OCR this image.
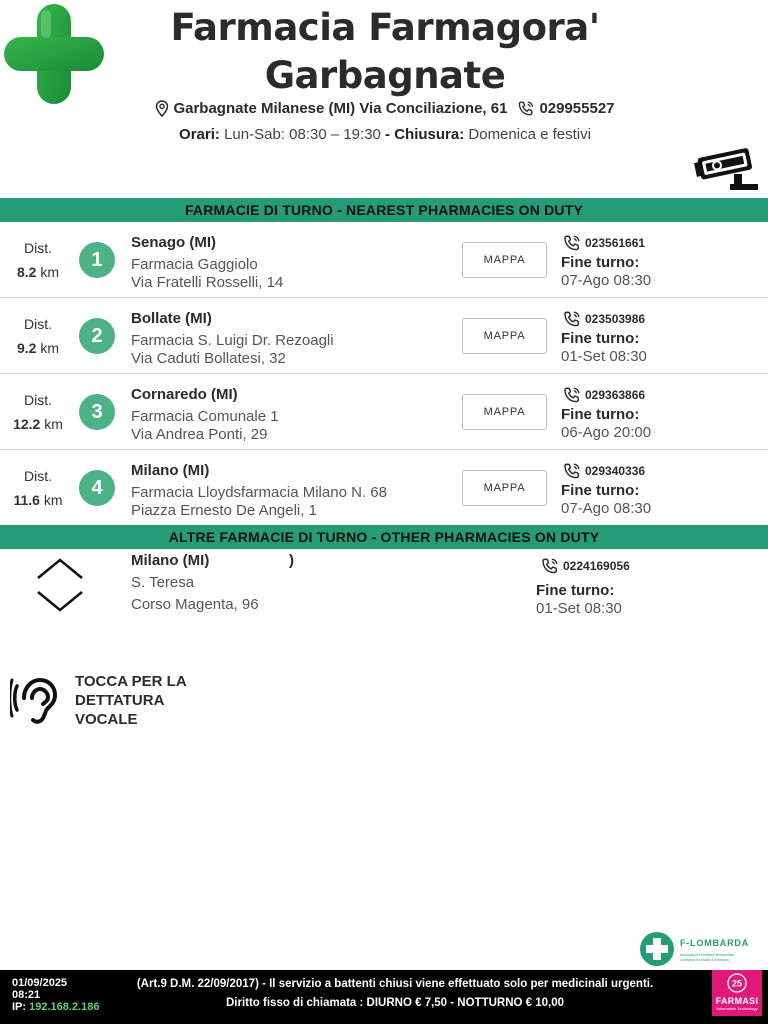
Farmacia Farmagora'
Garbagnate
Garbagnate Milanese (MI) Via Conciliazione, 61 029955527
Orari: Lun-Sab: 08:30 – 19:30 - Chiusura: Domenica e festivi
FARMACIE DI TURNO - NEAREST PHARMACIES ON DUTY
Dist.
8.2 km
1
Senago (MI)
Farmacia Gaggiolo
Via Fratelli Rosselli, 14
MAPPA
023561661
Fine turno:
07-Ago 08:30
Dist.
9.2 km
2
Bollate (MI)
Farmacia S. Luigi Dr. Rezoagli
Via Caduti Bollatesi, 32
MAPPA
023503986
Fine turno:
01-Set 08:30
Dist.
12.2 km
3
Cornaredo (MI)
Farmacia Comunale 1
Via Andrea Ponti, 29
MAPPA
029363866
Fine turno:
06-Ago 20:00
Dist.
11.6 km
4
Milano (MI)
Farmacia Lloydsfarmacia Milano N. 68
Piazza Ernesto De Angeli, 1
MAPPA
029340336
Fine turno:
07-Ago 08:30
ALTRE FARMACIE DI TURNO - OTHER PHARMACIES ON DUTY
Milano (MI)	)
S. Teresa
Corso Magenta, 96
0224169056
Fine turno:
01-Set 08:30
TOCCA PER LA
DETTATURA
VOCALE
F-LOMBARDA
Associazione Unitaria Farmaceutica
Lombarda tra titolari di Farmacia
01/09/2025
08:21
IP: 192.168.2.186
(Art.9 D.M. 22/09/2017) - Il servizio a battenti chiusi viene effettuato solo per medicinali urgenti.
Diritto fisso di chiamata : DIURNO € 7,50 - NOTTURNO € 10,00
25
FARMASI
Information Technology
